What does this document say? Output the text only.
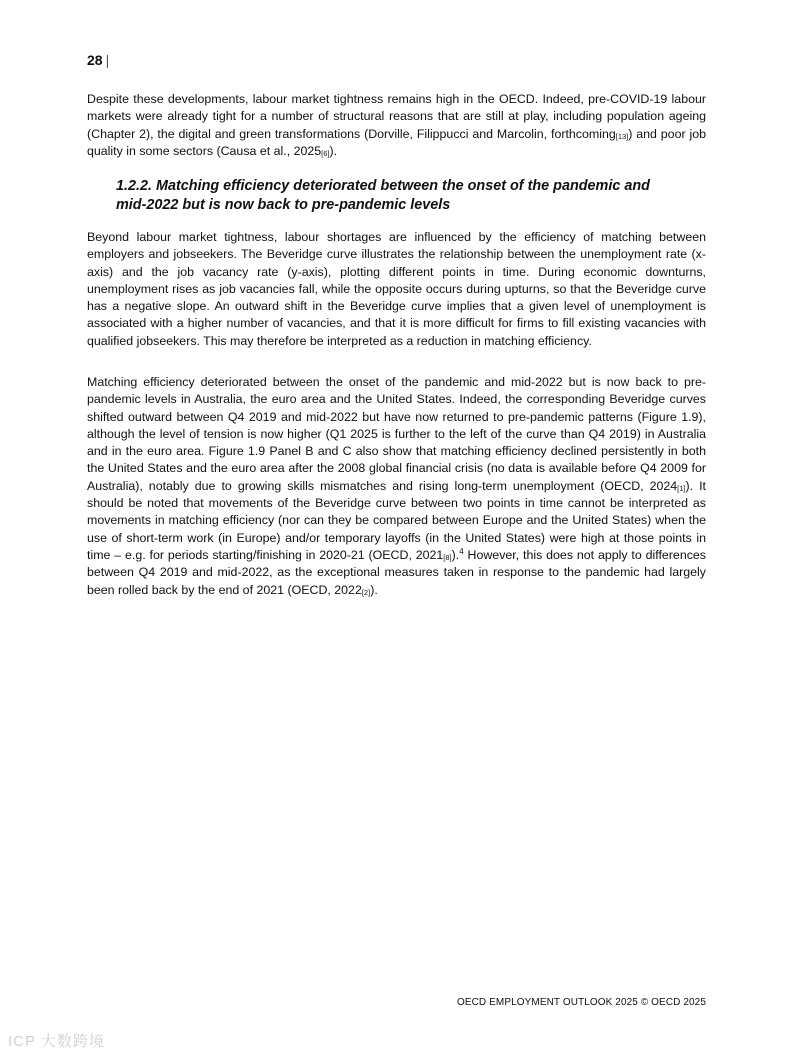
28 |

Despite these developments, labour market tightness remains high in the OECD. Indeed, pre-COVID-19 labour markets were already tight for a number of structural reasons that are still at play, including population ageing (Chapter 2), the digital and green transformations (Dorville, Filippucci and Marcolin, forthcoming$_{[13]}$) and poor job quality in some sectors (Causa et al., $2025_{[6]}$).

1.2.2. Matching efficiency deteriorated between the onset of the pandemic and mid-2022 but is now back to pre-pandemic levels

Beyond labour market tightness, labour shortages are influenced by the efficiency of matching between employers and jobseekers. The Beveridge curve illustrates the relationship between the unemployment rate (x-axis) and the job vacancy rate (y-axis), plotting different points in time. During economic downturns, unemployment rises as job vacancies fall, while the opposite occurs during upturns, so that the Beveridge curve has a negative slope. An outward shift in the Beveridge curve implies that a given level of unemployment is associated with a higher number of vacancies, and that it is more difficult for firms to fill existing vacancies with qualified jobseekers. This may therefore be interpreted as a reduction in matching efficiency.

Matching efficiency deteriorated between the onset of the pandemic and mid-2022 but is now back to pre-pandemic levels in Australia, the euro area and the United States. Indeed, the corresponding Beveridge curves shifted outward between Q4 2019 and mid-2022 but have now returned to pre-pandemic patterns (Figure 1.9), although the level of tension is now higher (Q1 2025 is further to the left of the curve than Q4 2019) in Australia and in the euro area. Figure 1.9 Panel B and C also show that matching efficiency declined persistently in both the United States and the euro area after the 2008 global financial crisis (no data is available before Q4 2009 for Australia), notably due to growing skills mismatches and rising long-term unemployment (OECD, $2024_{[1]}$). It should be noted that movements of the Beveridge curve between two points in time cannot be interpreted as movements in matching efficiency (nor can they be compared between Europe and the United States) when the use of short-term work (in Europe) and/or temporary layoffs (in the United States) were high at those points in time – e.g. for periods starting/finishing in 2020-21 (OECD, $2021_{[8]}).^4$ However, this does not apply to differences between Q4 2019 and mid-2022, as the exceptional measures taken in response to the pandemic had largely been rolled back by the end of 2021 (OECD, $2022_{[2]}$).

OECD EMPLOYMENT OUTLOOK 2025 © OECD 2025
ICP 大数跨境
